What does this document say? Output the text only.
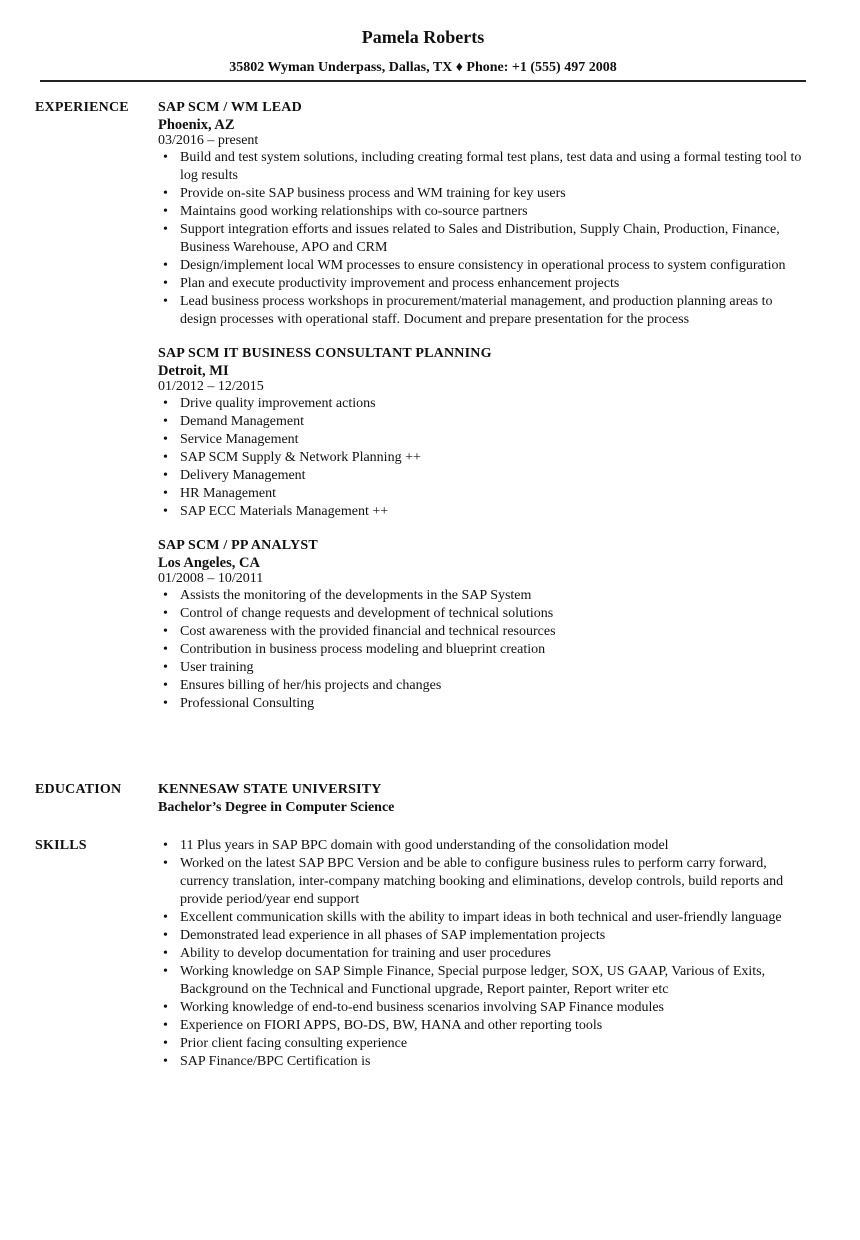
Pamela Roberts
35802 Wyman Underpass, Dallas, TX ♦ Phone: +1 (555) 497 2008
EXPERIENCE SAP SCM / WM LEAD
Phoenix, AZ
03/2016 – present
• Build and test system solutions, including creating formal test plans, test data and using a formal testing tool to log results
• Provide on-site SAP business process and WM training for key users
• Maintains good working relationships with co-source partners
• Support integration efforts and issues related to Sales and Distribution, Supply Chain, Production, Finance, Business Warehouse, APO and CRM
• Design/implement local WM processes to ensure consistency in operational process to system configuration
• Plan and execute productivity improvement and process enhancement projects
• Lead business process workshops in procurement/material management, and production planning areas to design processes with operational staff. Document and prepare presentation for the process
SAP SCM IT BUSINESS CONSULTANT PLANNING
Detroit, MI
01/2012 – 12/2015
• Drive quality improvement actions
• Demand Management
• Service Management
• SAP SCM Supply & Network Planning ++
• Delivery Management
• HR Management
• SAP ECC Materials Management ++
SAP SCM / PP ANALYST
Los Angeles, CA
01/2008 – 10/2011
• Assists the monitoring of the developments in the SAP System
• Control of change requests and development of technical solutions
• Cost awareness with the provided financial and technical resources
• Contribution in business process modeling and blueprint creation
• User training
• Ensures billing of her/his projects and changes
• Professional Consulting
EDUCATION	KENNESAW STATE UNIVERSITY
Bachelor’s Degree in Computer Science
SKILLS
•	11 Plus years in SAP BPC domain with good understanding of the consolidation model
• Worked on the latest SAP BPC Version and be able to configure business rules to perform carry forward, currency translation, inter-company matching booking and eliminations, develop controls, build reports and provide period/year end support
• Excellent communication skills with the ability to impart ideas in both technical and user-friendly language
• Demonstrated lead experience in all phases of SAP implementation projects
• Ability to develop documentation for training and user procedures
• Working knowledge on SAP Simple Finance, Special purpose ledger, SOX, US GAAP, Various of Exits, Background on the Technical and Functional upgrade, Report painter, Report writer etc
• Working knowledge of end-to-end business scenarios involving SAP Finance modules
• Experience on FIORI APPS, BO-DS, BW, HANA and other reporting tools
• Prior client facing consulting experience
• SAP Finance/BPC Certification is
